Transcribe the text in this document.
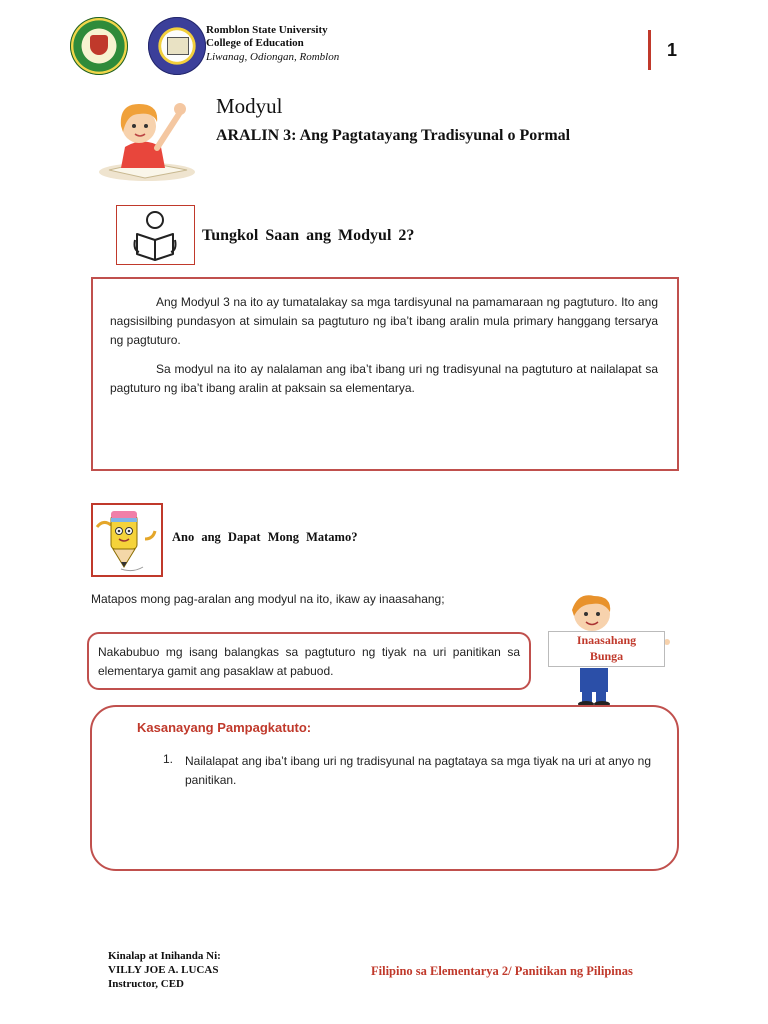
Romblon State University
College of Education
Liwanag, Odiongan, Romblon	1
Modyul
ARALIN 3: Ang Pagtatayang Tradisyunal o Pormal
Tungkol Saan ang Modyul 2?
Ang Modyul 3 na ito ay tumatalakay sa mga tardisyunal na pamamaraan ng pagtuturo. Ito ang nagsisilbing pundasyon at simulain sa pagtuturo ng iba’t ibang aralin mula primary hanggang tersarya ng pagtuturo.
Sa modyul na ito ay nalalaman ang iba’t ibang uri ng tradisyunal na pagtuturo at nailalapat sa pagtuturo ng iba’t ibang aralin at paksain sa elementarya.
Ano ang Dapat Mong Matamo?
Matapos mong pag-aralan ang modyul na ito, ikaw ay inaasahang;
Nakabubuo mg isang balangkas sa pagtuturo ng tiyak na uri panitikan sa elementarya gamit ang pasaklaw at pabuod.
Inaasahang
Bunga
Kasanayang Pampagkatuto:
1. Nailalapat ang iba’t ibang uri ng tradisyunal na pagtataya sa mga tiyak na uri at anyo ng panitikan.
Kinalap at Inihanda Ni:
VILLY JOE A. LUCAS
Instructor, CED
Filipino sa Elementarya 2/ Panitikan ng Pilipinas
